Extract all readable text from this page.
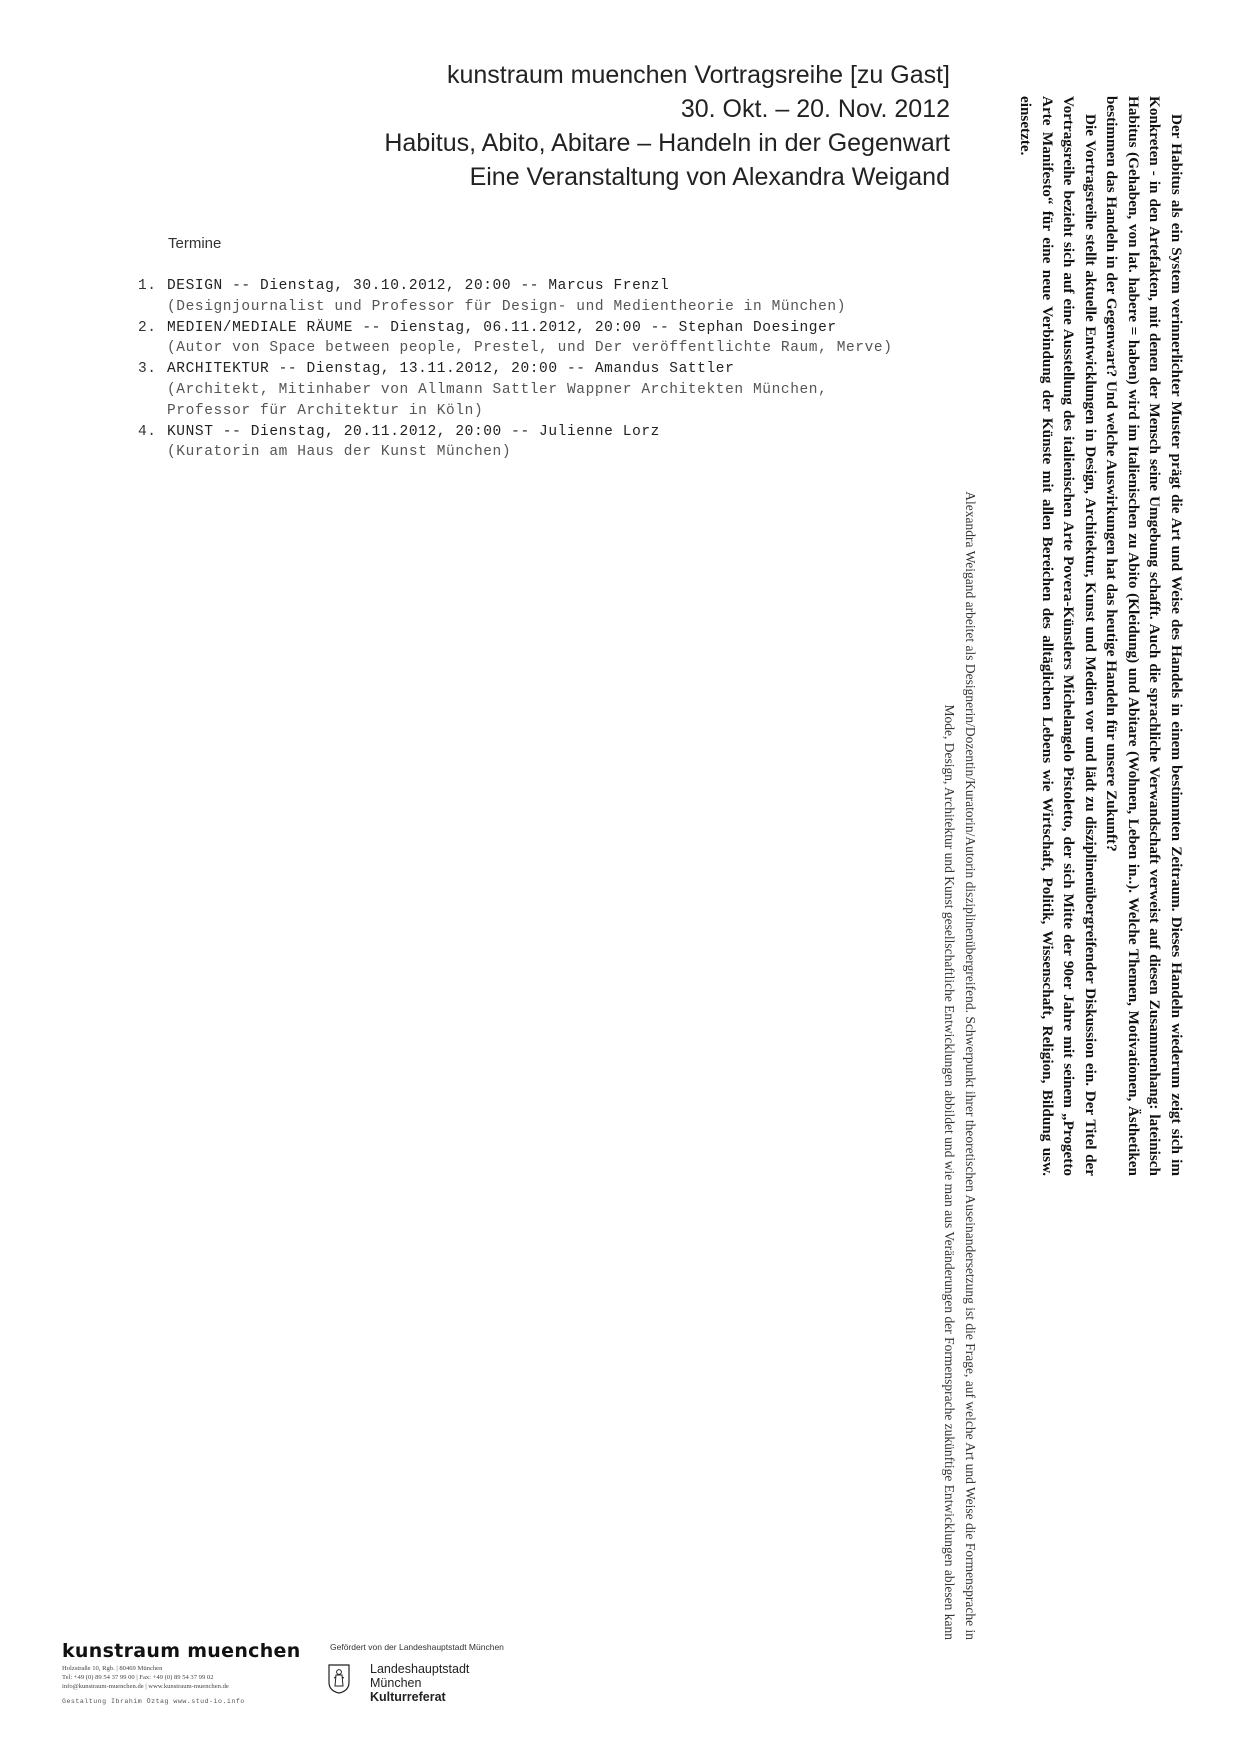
kunstraum muenchen Vortragsreihe [zu Gast]
30. Okt. – 20. Nov. 2012
Habitus, Abito, Abitare – Handeln in der Gegenwart
Eine Veranstaltung von Alexandra Weigand
Termine
1. DESIGN -- Dienstag, 30.10.2012, 20:00 -- Marcus Frenzl
(Designjournalist und Professor für Design- und Medientheorie in München)
2. MEDIEN/MEDIALE RÄUME -- Dienstag, 06.11.2012, 20:00 -- Stephan Doesinger
(Autor von Space between people, Prestel, und Der veröffentlichte Raum, Merve)
3. ARCHITEKTUR -- Dienstag, 13.11.2012, 20:00 -- Amandus Sattler
(Architekt, Mitinhaber von Allmann Sattler Wappner Architekten München,
Professor für Architektur in Köln)
4. KUNST -- Dienstag, 20.11.2012, 20:00 -- Julienne Lorz
(Kuratorin am Haus der Kunst München)	Der Habitus als ein System verinnerlichter Muster prägt die Art und Weise des Handels in einem bestimmten Zeitraum. Dieses Handeln wiederum zeigt sich im Konkreten - in den Artefakten, mit denen der Mensch seine Umgebung schafft. Auch die sprachliche Verwandschaft verweist auf diesen Zusammenhang: lateinisch Habitus (Gehaben, von lat. habere = haben) wird im Italienischen zu Abito (Kleidung) und Abitare (Wohnen, Leben in..). Welche Themen, Motivationen, Ästhetiken bestimmen das Handeln in der Gegenwart? Und welche Auswirkungen hat das heutige Handeln für unsere Zukunft?

Die Vortragsreihe stellt aktuelle Entwicklungen in Design, Architektur, Kunst und Medien vor und lädt zu disziplinenübergreifender Diskussion ein. Der Titel der Vortragsreihe bezieht sich auf eine Ausstellung des italienischen Arte Povera-Künstlers Michelangelo Pistoletto, der sich Mitte der 90er Jahre mit seinem „Progetto Arte Manifesto“ für eine neue Verbindung der Künste mit allen Bereichen des alltäglichen Lebens wie Wirtschaft, Politik, Wissenschaft, Religion, Bildung usw. einsetzte.

Alexandra Weigand arbeitet als Designerin/Dozentin/Kuratorin/Autorin disziplinenübergreifend. Schwerpunkt ihrer theoretischen Auseinandersetzung ist die Frage, auf welche Art und Weise die Formensprache in Mode, Design, Architektur und Kunst gesellschaftliche Entwicklungen abbildet und wie man aus Veränderungen der Formensprache zukünftige Entwicklungen ablesen kann

kunstraum muenchen
Holzstraße 10, Rgb. | 80469 München
Tel: +49 (0) 89 54 37 99 00 | Fax: +49 (0) 89 54 37 99 02
info@kunstraum-muenchen.de | www.kunstraum-muenchen.de
Gestaltung Ibrahim Öztag www.stud-io.info
Gefördert von der Landeshauptstadt München
Landeshauptstadt
München
Kulturreferat
